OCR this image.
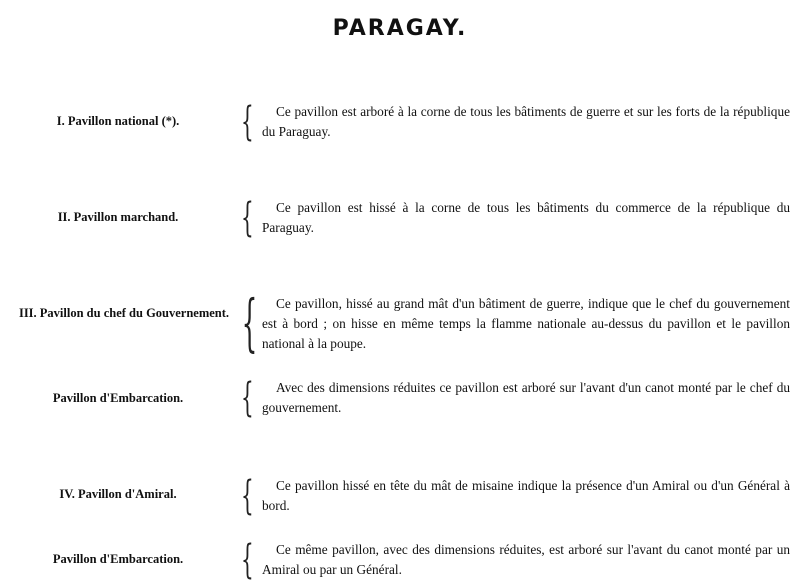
PARAGAY.
I. Pavillon national (*).	{	Ce pavillon est arboré à la corne de tous les bâtiments de guerre et sur les forts de la république du Paraguay.
II. Pavillon marchand.	{	Ce pavillon est hissé à la corne de tous les bâtiments du commerce de la république du Paraguay.
III. Pavillon du chef du Gouvernement. {	Ce pavillon, hissé au grand mât d'un bâtiment de guerre, indique que le chef du gouvernement est à bord ; on hisse en même temps la flamme nationale au-dessus du pavillon et le pavillon national à la poupe.
Pavillon d'Embarcation.	{	Avec des dimensions réduites ce pavillon est arboré sur l'avant d'un canot monté par le chef du gouvernement.
IV. Pavillon d'Amiral.	{	Ce pavillon hissé en tête du mât de misaine indique la présence d'un Amiral ou d'un Général à bord.
Pavillon d'Embarcation.	{	Ce même pavillon, avec des dimensions réduites, est arboré sur l'avant du canot monté par un Amiral ou par un Général.
